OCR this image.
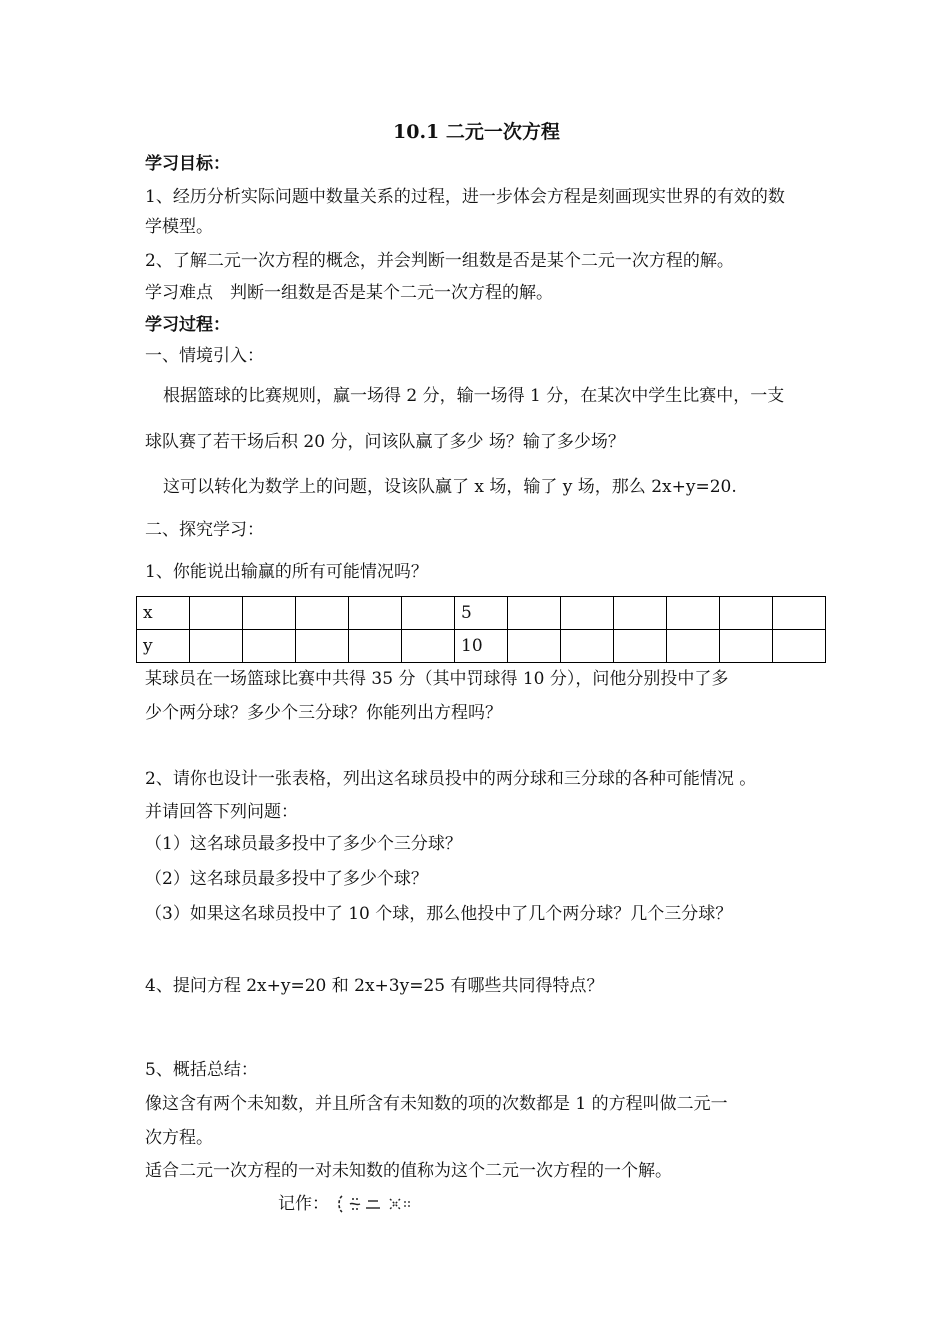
10.1 二元一次方程
学习目标：
1、经历分析实际问题中数量关系的过程，进一步体会方程是刻画现实世界的有效的数
学模型。
2、了解二元一次方程的概念，并会判断一组数是否是某个二元一次方程的解。
学习难点　判断一组数是否是某个二元一次方程的解。
学习过程：
一、情境引入：
根据篮球的比赛规则，赢一场得 2 分，输一场得 1 分，在某次中学生比赛中，一支
球队赛了若干场后积 20 分，问该队赢了多少 场？输了多少场？
这可以转化为数学上的问题，设该队赢了 x 场，输了 y 场，那么 2x+y=20.
二、探究学习：
1、你能说出输赢的所有可能情况吗？
x						5						
y						10						
某球员在一场篮球比赛中共得 35 分（其中罚球得 10 分），问他分别投中了多
少个两分球？多少个三分球？你能列出方程吗？
2、请你也设计一张表格，列出这名球员投中的两分球和三分球的各种可能情况 。
并请回答下列问题：
（1）这名球员最多投中了多少个三分球？
（2）这名球员最多投中了多少个球？
（3）如果这名球员投中了 10 个球，那么他投中了几个两分球？几个三分球？
4、提问方程 2x+y=20 和 2x+3y=25 有哪些共同得特点？
5、概括总结：
像这含有两个未知数，并且所含有未知数的项的次数都是 1 的方程叫做二元一
次方程。
适合二元一次方程的一对未知数的值称为这个二元一次方程的一个解。
记作：
